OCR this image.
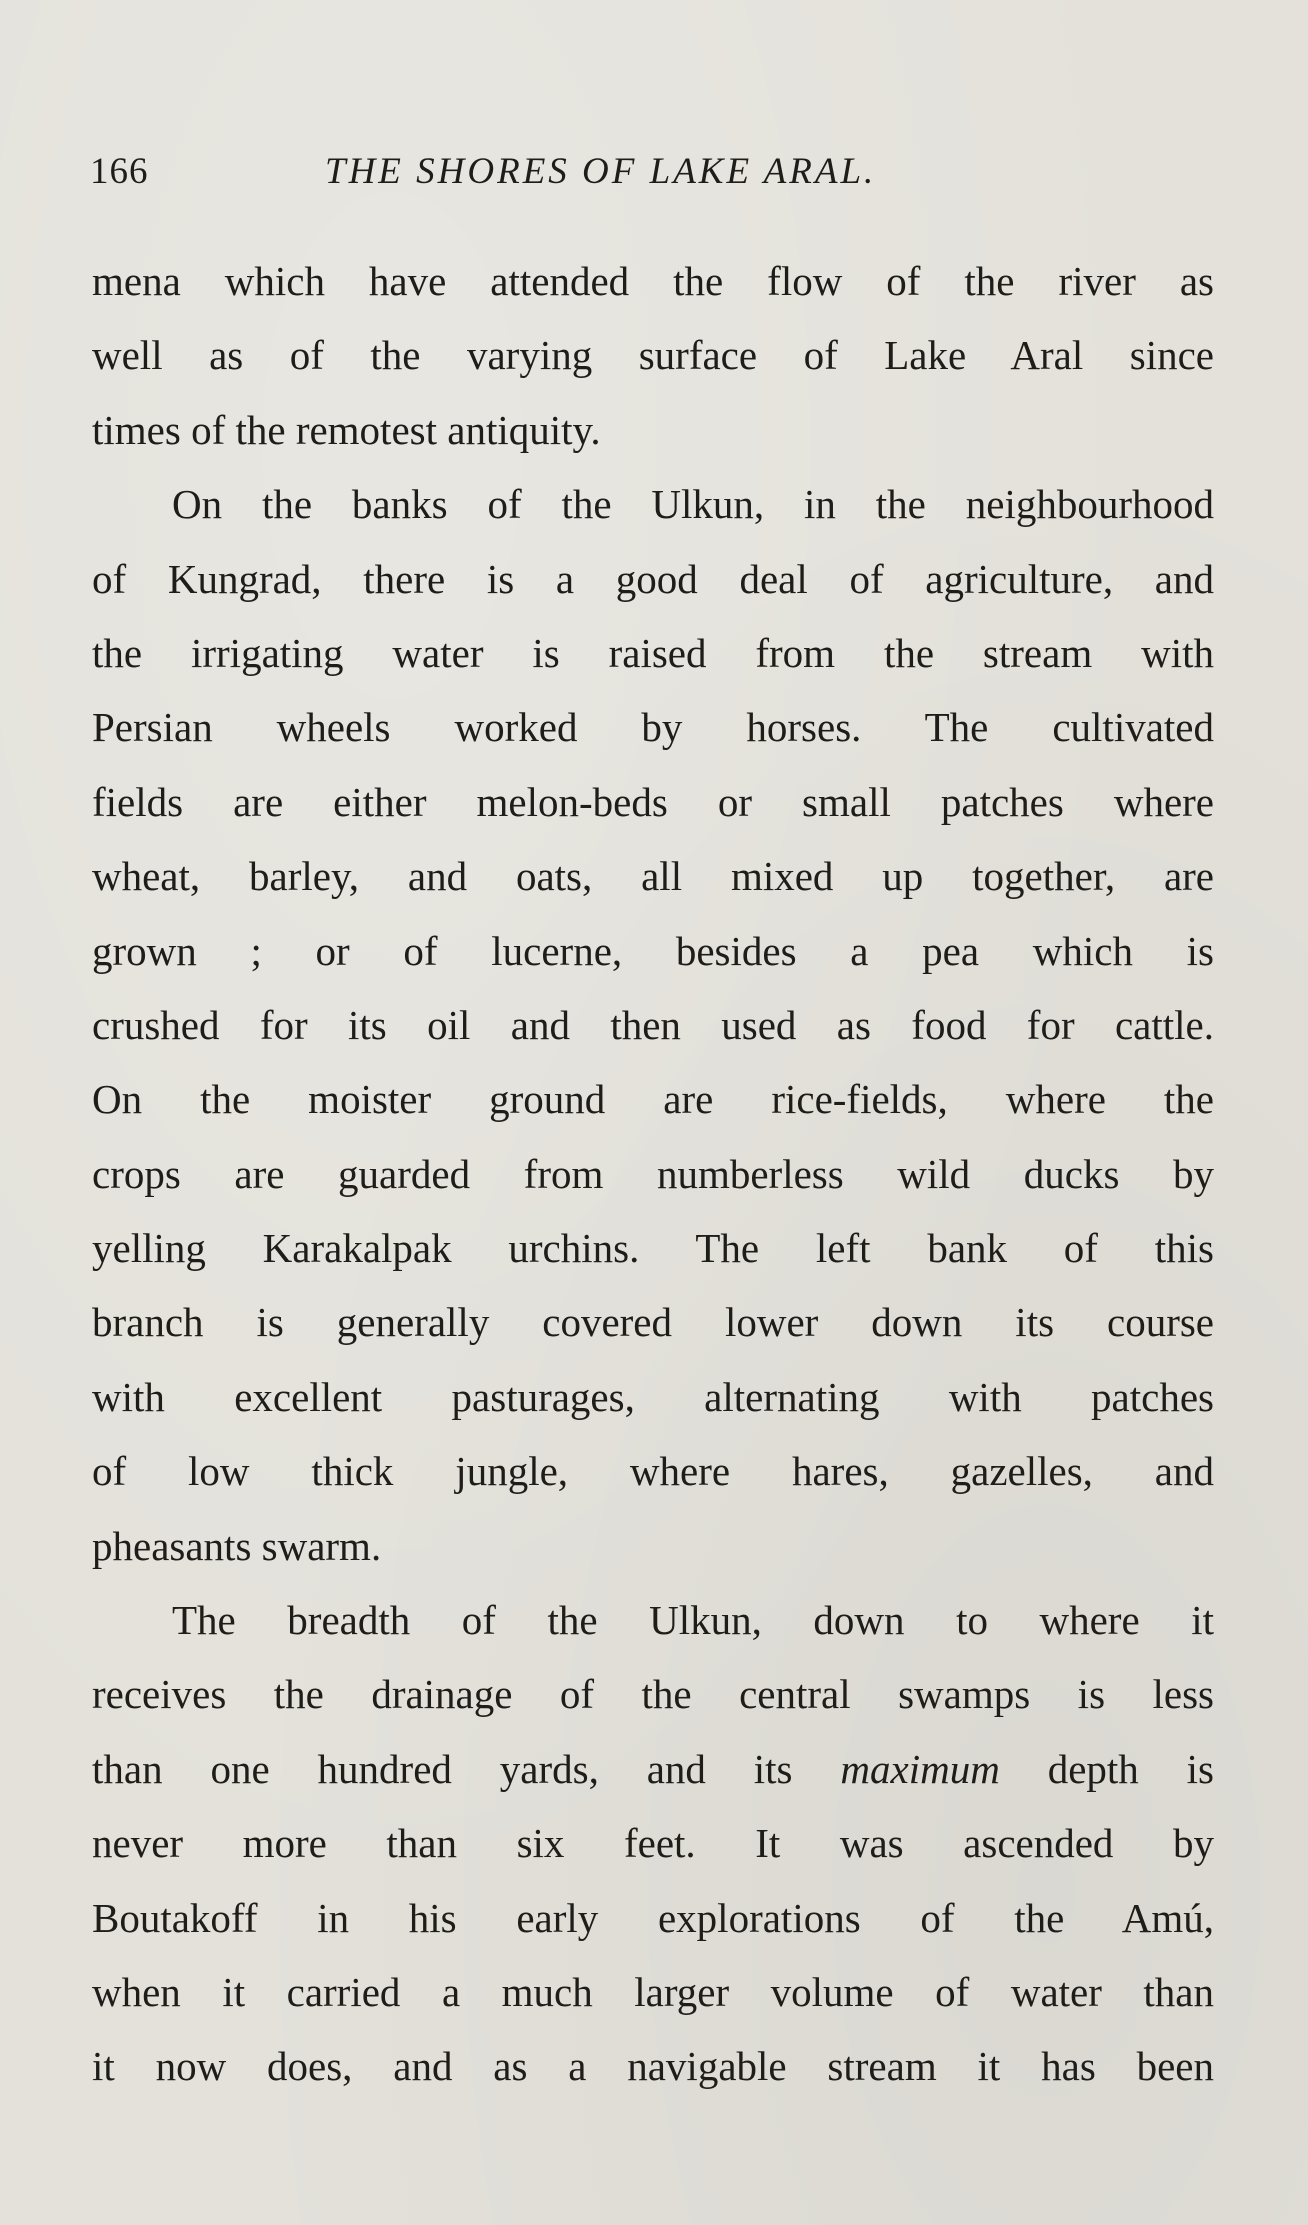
166	THE SHORES OF LAKE ARAL.
mena which have attended the flow of the river as
well as of the varying surface of Lake Aral since
times of the remotest antiquity.
On the banks of the Ulkun, in the neighbourhood
of Kungrad, there is a good deal of agriculture, and
the irrigating water is raised from the stream with
Persian wheels worked by horses. The cultivated
fields are either melon-beds or small patches where
wheat, barley, and oats, all mixed up together, are
grown ; or of lucerne, besides a pea which is
crushed for its oil and then used as food for cattle.
On the moister ground are rice-fields, where the
crops are guarded from numberless wild ducks by
yelling Karakalpak urchins. The left bank of this
branch is generally covered lower down its course
with excellent pasturages, alternating with patches
of low thick jungle, where hares, gazelles, and
pheasants swarm.
The breadth of the Ulkun, down to where it
receives the drainage of the central swamps is less
than one hundred yards, and its maximum depth is
never more than six feet. It was ascended by
Boutakoff in his early explorations of the Amú,
when it carried a much larger volume of water than
it now does, and as a navigable stream it has been
